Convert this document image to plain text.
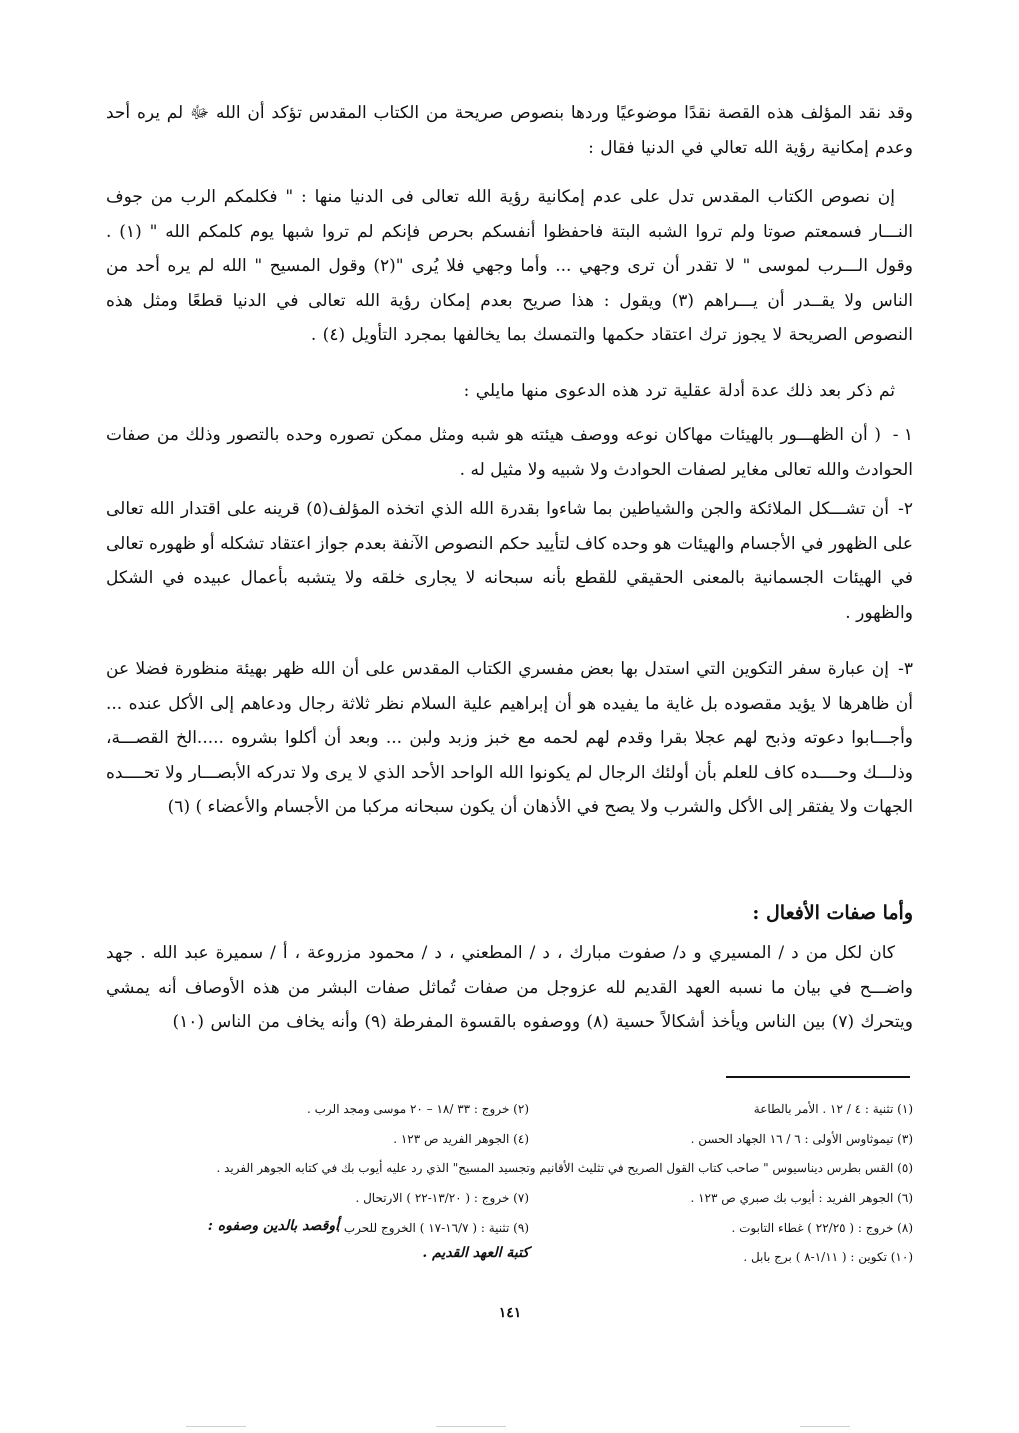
وقد نقد المؤلف هذه القصة نقدًا موضوعيًا وردها بنصوص صريحة من الكتاب المقدس تؤكد أن الله ﷻ لم يره أحد وعدم إمكانية رؤية الله تعالي في الدنيا فقال :

إن نصوص الكتاب المقدس تدل على عدم إمكانية رؤية الله تعالى فى الدنيا منها : " فكلمكم الرب من جوف النـــار فسمعتم صوتا ولم تروا الشبه البتة فاحفظوا أنفسكم بحرص فإنكم لم تروا شبها يوم كلمكم الله " (١) . وقول الـــرب لموسى " لا تقدر أن ترى وجهي ... وأما وجهي فلا يُرى "(٢) وقول المسيح " الله لم يره أحد من الناس ولا يقــدر أن يـــراهم (٣) ويقول : هذا صريح بعدم إمكان رؤية الله تعالى في الدنيا قطعًا ومثل هذه النصوص الصريحة لا يجوز ترك اعتقاد حكمها والتمسك بما يخالفها بمجرد التأويل (٤) .

ثم ذكر بعد ذلك عدة أدلة عقلية ترد هذه الدعوى منها مايلي :

١ -
( أن الظهـــور بالهيئات مهاكان نوعه ووصف هيئته هو شبه ومثل ممكن تصوره وحده بالتصور وذلك من صفات الحوادث والله تعالى مغاير لصفات الحوادث ولا شبيه ولا مثيل له .
٢-
أن تشـــكل الملائكة والجن والشياطين بما شاءوا بقدرة الله الذي اتخذه المؤلف(٥) قرينه على اقتدار الله تعالى على الظهور في الأجسام والهيئات هو وحده كاف لتأييد حكم النصوص الآنفة بعدم جواز اعتقاد تشكله أو ظهوره تعالى في الهيئات الجسمانية بالمعنى الحقيقي للقطع بأنه سبحانه لا يجارى خلقه ولا يتشبه بأعمال عبيده في الشكل والظهور .
٣-
إن عبارة سفر التكوين التي استدل بها بعض مفسري الكتاب المقدس على أن الله ظهر بهيئة منظورة فضلا عن أن ظاهرها لا يؤيد مقصوده بل غاية ما يفيده هو أن إبراهيم علية السلام نظر ثلاثة رجال ودعاهم إلى الأكل عنده ... وأجـــابوا دعوته وذبح لهم عجلا بقرا وقدم لهم لحمه مع خبز وزبد ولبن ... وبعد أن أكلوا بشروه .....الخ القصـــة، وذلـــك وحــــده كاف للعلم بأن أولئك الرجال لم يكونوا الله الواحد الأحد الذي لا يرى ولا تدركه الأبصـــار ولا تحــــده الجهات ولا يفتقر إلى الأكل والشرب ولا يصح في الأذهان أن يكون سبحانه مركبا من الأجسام والأعضاء ) (٦)
وأما صفات الأفعال :

كان لكل من د / المسيري و د/ صفوت مبارك ، د / المطعني ، د / محمود مزروعة ، أ / سميرة عبد الله . جهد واضـــح في بيان ما نسبه العهد القديم لله عزوجل من صفات تُماثل صفات البشر من هذه الأوصاف أنه يمشي ويتحرك (٧) بين الناس ويأخذ أشكالاً حسية (٨) ووصفوه بالقسوة المفرطة (٩) وأنه يخاف من الناس (١٠)

(١) تثنية : ٤ / ١٢ . الأمر بالطاعة
(٢) خروج : ٣٣ /١٨ – ٢٠ موسى ومجد الرب .
(٣) تيموثاوس الأولى : ٦ / ١٦ الجهاد الحسن .
(٤) الجوهر الفريد ص ١٢٣ .
(٥) القس بطرس ديناسيوس " صاحب كتاب القول الصريح في تثليث الأقانيم وتجسيد المسيح" الذي رد عليه أيوب بك في كتابه الجوهر الفريد .
(٦) الجوهر الفريد : أيوب بك صبري ص ١٢٣ .
(٧) خروج : ( ١٣/٢٠-٢٢ ) الارتحال .
(٨) خروج : ( ٢٢/٢٥ ) غطاء التابوت .
(٩) تثنية : ( ١٦/٧-١٧ ) الخروج للحرب ،
أوقصد بالدين وصفوه :
كتبة العهد القديم .	(١٠) تكوين : ( ١/١١-٨ ) برج بابل .
١٤١
